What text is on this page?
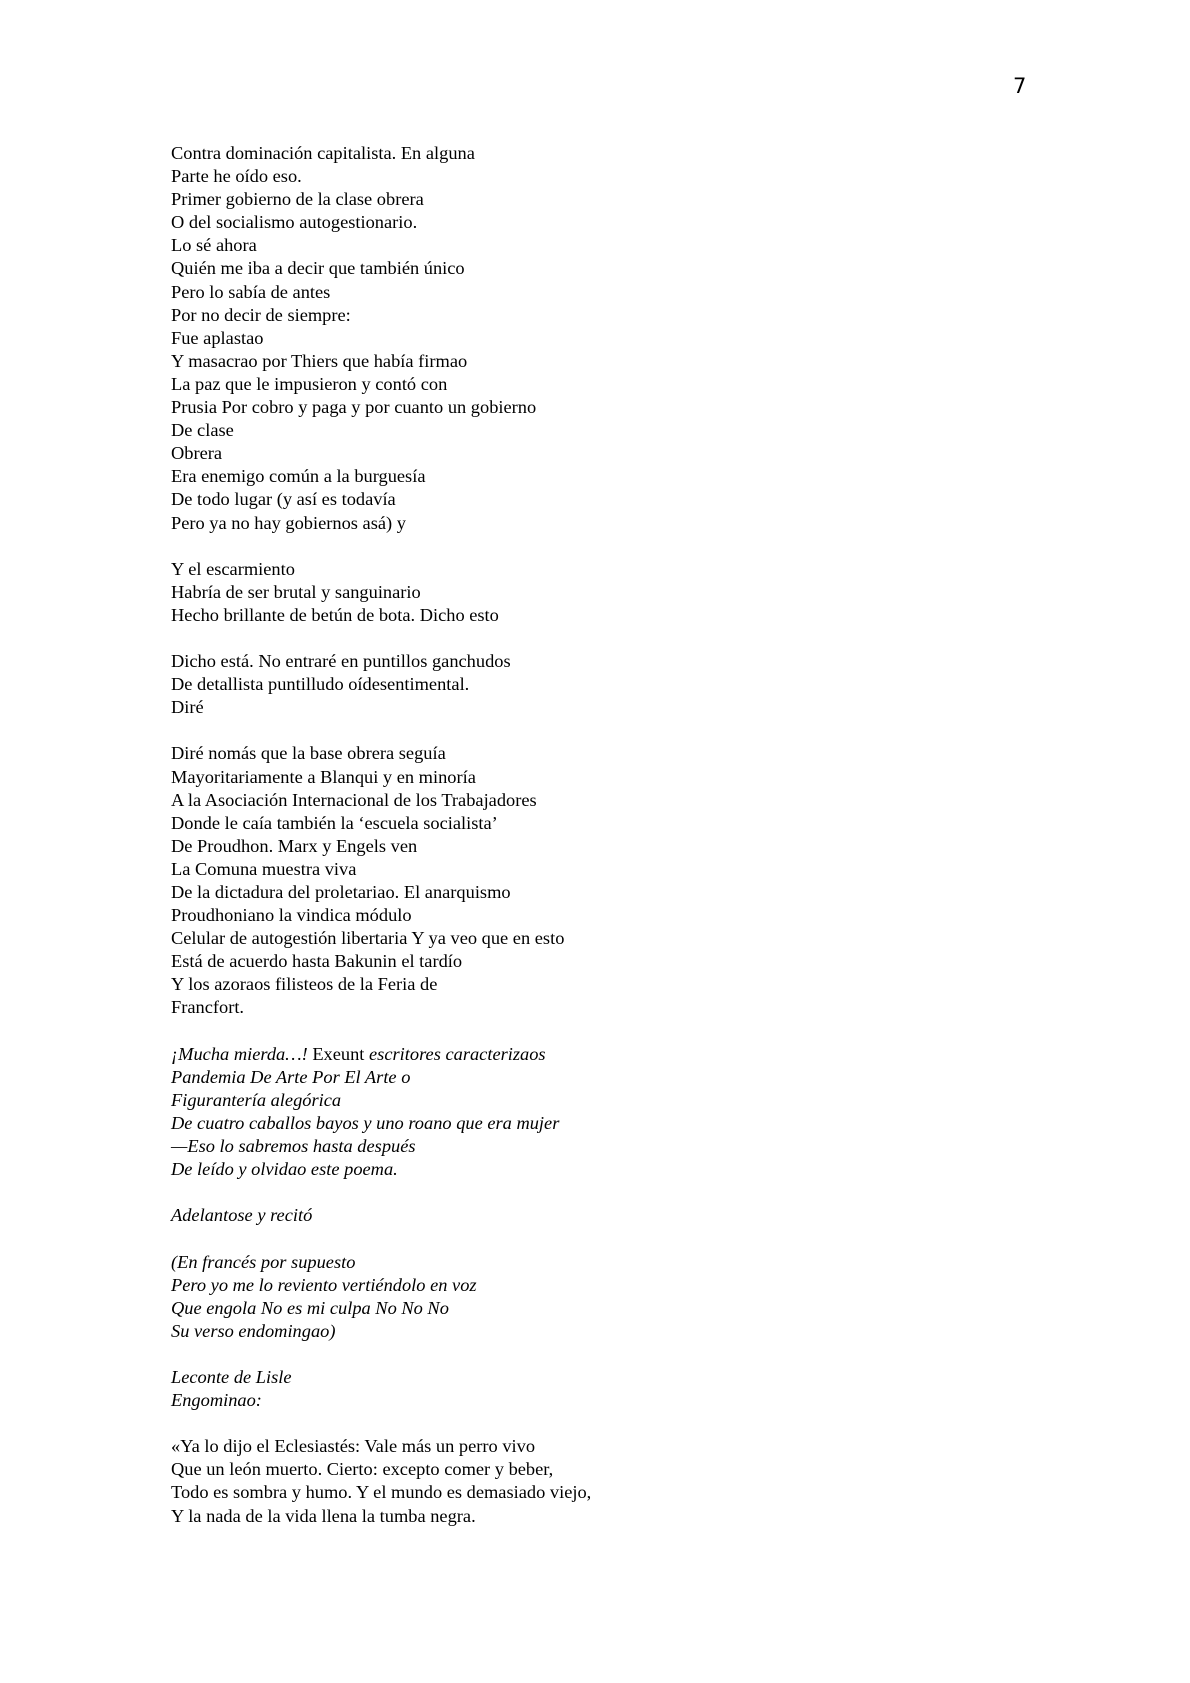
7
Contra dominación capitalista. En alguna
Parte he oído eso.
Primer gobierno de la clase obrera
O del socialismo autogestionario.
Lo sé ahora
Quién me iba a decir que también único
Pero lo sabía de antes
Por no decir de siempre:
Fue aplastao
Y masacrao por Thiers que había firmao
La paz que le impusieron y contó con
Prusia Por cobro y paga y por cuanto un gobierno
De clase
Obrera
Era enemigo común a la burguesía
De todo lugar (y así es todavía
Pero ya no hay gobiernos asá) y
Y el escarmiento
Habría de ser brutal y sanguinario
Hecho brillante de betún de bota. Dicho esto
Dicho está. No entraré en puntillos ganchudos
De detallista puntilludo oídesentimental.
Diré
Diré nomás que la base obrera seguía
Mayoritariamente a Blanqui y en minoría
A la Asociación Internacional de los Trabajadores
Donde le caía también la ‘escuela socialista’
De Proudhon. Marx y Engels ven
La Comuna muestra viva
De la dictadura del proletariao. El anarquismo
Proudhoniano la vindica módulo
Celular de autogestión libertaria Y ya veo que en esto
Está de acuerdo hasta Bakunin el tardío
Y los azoraos filisteos de la Feria de
Francfort.
¡Mucha mierda…! Exeunt escritores caracterizaos
Pandemia De Arte Por El Arte o
Figurantería alegórica
De cuatro caballos bayos y uno roano que era mujer
—Eso lo sabremos hasta después
De leído y olvidao este poema.
Adelantose y recitó
(En francés por supuesto
Pero yo me lo reviento vertiéndolo en voz
Que engola No es mi culpa No No No
Su verso endomingao)
Leconte de Lisle
Engominao:
«Ya lo dijo el Eclesiastés: Vale más un perro vivo
Que un león muerto. Cierto: excepto comer y beber,
Todo es sombra y humo. Y el mundo es demasiado viejo,
Y la nada de la vida llena la tumba negra.
